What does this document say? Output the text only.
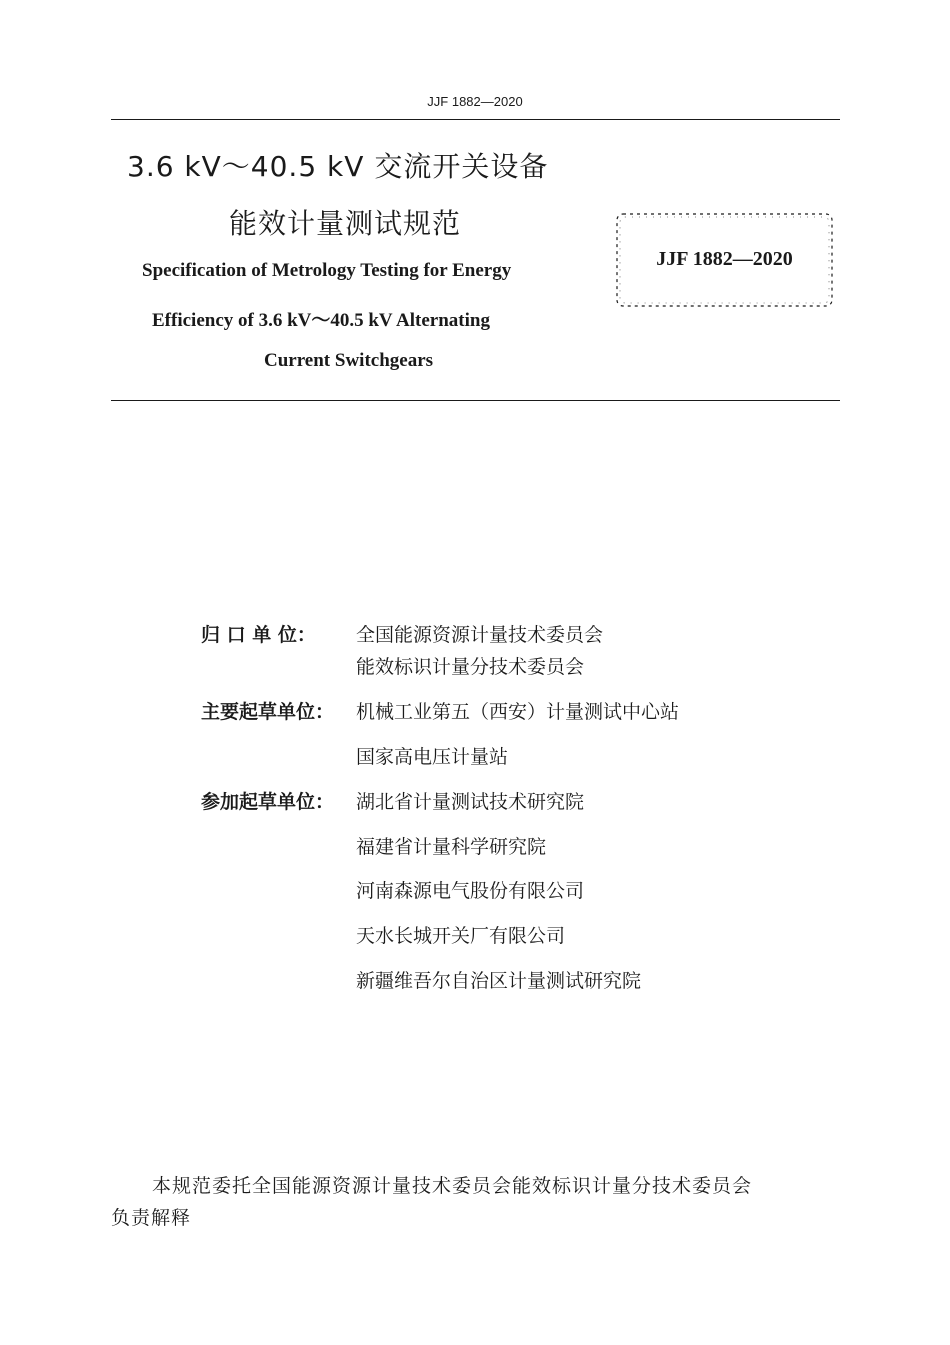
JJF 1882—2020
3.6 kV～40.5 kV 交流开关设备
能效计量测试规范
Specification of Metrology Testing for Energy
Efficiency of 3.6 kV～40.5 kV Alternating
Current Switchgears
JJF 1882—2020
归 口 单 位：	全国能源资源计量技术委员会
能效标识计量分技术委员会
主要起草单位：	机械工业第五（西安）计量测试中心站
国家高电压计量站
参加起草单位：	湖北省计量测试技术研究院
福建省计量科学研究院
河南森源电气股份有限公司
天水长城开关厂有限公司
新疆维吾尔自治区计量测试研究院
本规范委托全国能源资源计量技术委员会能效标识计量分技术委员会
负责解释
